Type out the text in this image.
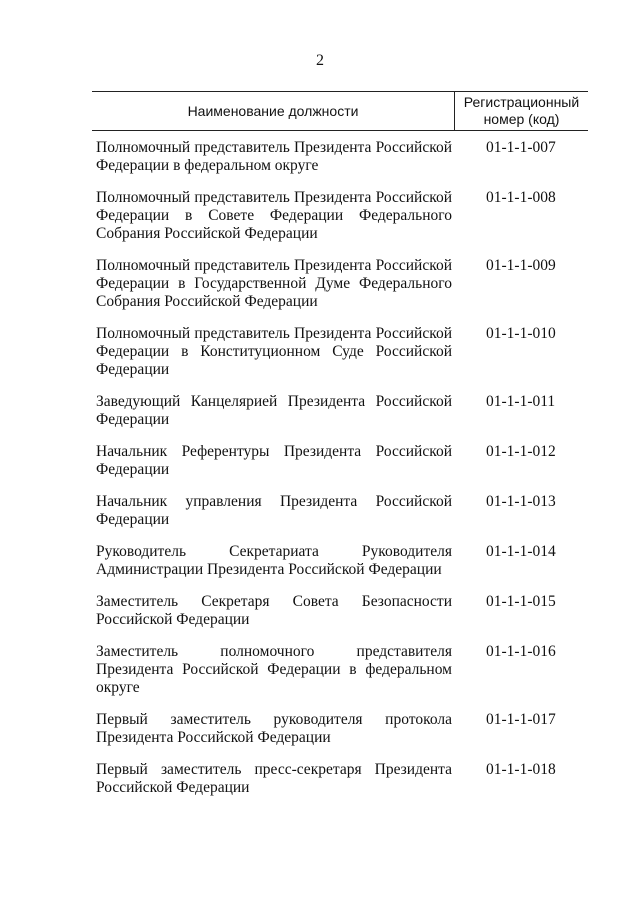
2
Наименование должности
Регистрационный
номер (код)
Полномочный представитель Президента Российской Федерации в федеральном округе
01-1-1-007
Полномочный представитель Президента Российской Федерации в Совете Федерации Федерального Собрания Российской Федерации
01-1-1-008
Полномочный представитель Президента Российской Федерации в Государственной Думе Федерального Собрания Российской Федерации
01-1-1-009
Полномочный представитель Президента Российской Федерации в Конституционном Суде Российской Федерации
01-1-1-010
Заведующий Канцелярией Президента Российской Федерации
01-1-1-011
Начальник Референтуры Президента Российской Федерации
01-1-1-012
Начальник управления Президента Российской Федерации
01-1-1-013
Руководитель Секретариата Руководителя Администрации Президента Российской Федерации
01-1-1-014
Заместитель Секретаря Совета Безопасности Российской Федерации
01-1-1-015
Заместитель полномочного представителя Президента Российской Федерации в федеральном округе
01-1-1-016
Первый заместитель руководителя протокола Президента Российской Федерации
01-1-1-017
Первый заместитель пресс-секретаря Президента Российской Федерации
01-1-1-018
